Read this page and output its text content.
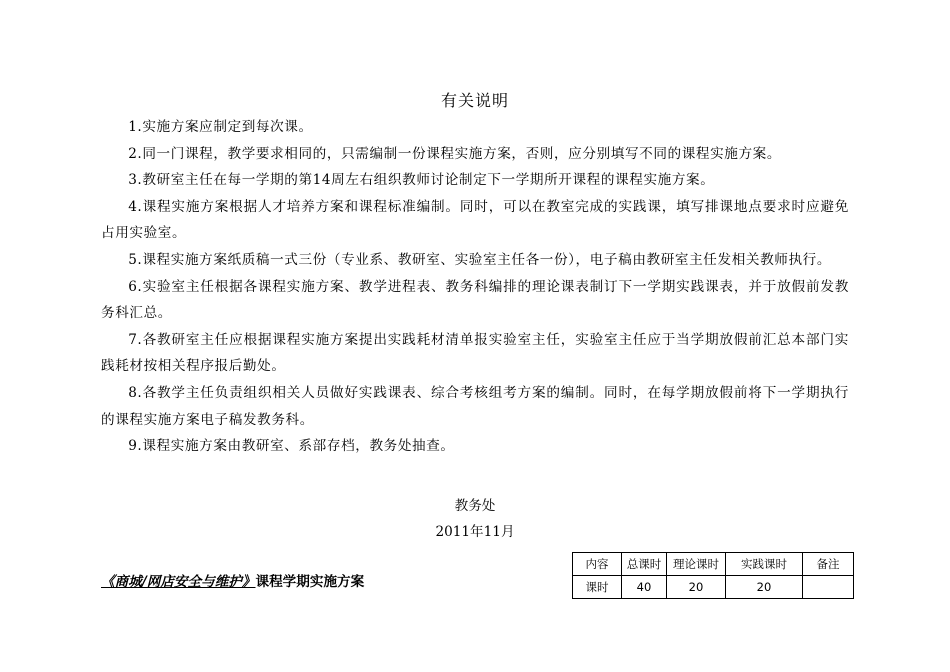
有关说明

1.实施方案应制定到每次课。

2.同一门课程，教学要求相同的，只需编制一份课程实施方案，否则，应分别填写不同的课程实施方案。

3.教研室主任在每一学期的第14周左右组织教师讨论制定下一学期所开课程的课程实施方案。

4.课程实施方案根据人才培养方案和课程标准编制。同时，可以在教室完成的实践课，填写排课地点要求时应避免占用实验室。

5.课程实施方案纸质稿一式三份（专业系、教研室、实验室主任各一份），电子稿由教研室主任发相关教师执行。

6.实验室主任根据各课程实施方案、教学进程表、教务科编排的理论课表制订下一学期实践课表，并于放假前发教务科汇总。

7.各教研室主任应根据课程实施方案提出实践耗材清单报实验室主任，实验室主任应于当学期放假前汇总本部门实践耗材按相关程序报后勤处。

8.各教学主任负责组织相关人员做好实践课表、综合考核组考方案的编制。同时，在每学期放假前将下一学期执行的课程实施方案电子稿发教务科。

9.课程实施方案由教研室、系部存档，教务处抽查。

教务处
2011年11月
《商城/网店安全与维护》课程学期实施方案
内容	总课时	理论课时	实践课时	备注
课时	40	20	20	
